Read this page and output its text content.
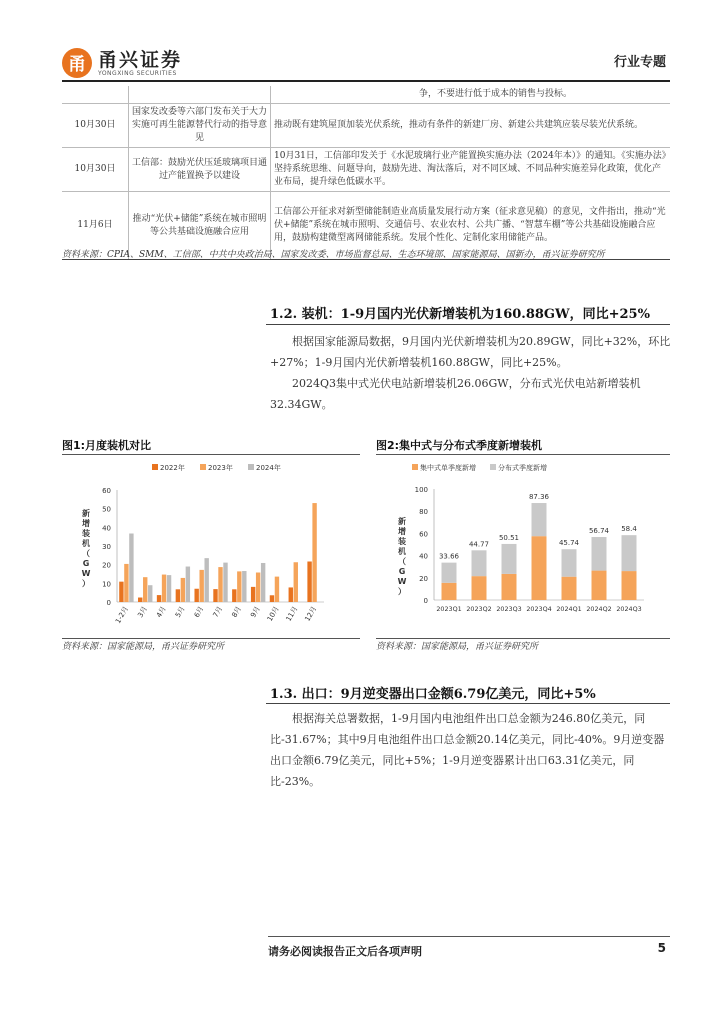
甬 甬兴证券
YONGXING SECURITIES
行业专题
		争，不要进行低于成本的销售与投标。
10月30日	国家发改委等六部门发布关于大力实施可再生能源替代行动的指导意见	推动既有建筑屋顶加装光伏系统，推动有条件的新建厂房、新建公共建筑应装尽装光伏系统。
10月30日	工信部：鼓励光伏压延玻璃项目通过产能置换予以建设	10月31日，工信部印发关于《水泥玻璃行业产能置换实施办法（2024年本）》的通知。《实施办法》坚持系统思维、问题导向，鼓励先进、淘汰落后，对不同区域、不同品种实施差异化政策，优化产业布局，提升绿色低碳水平。
11月6日	推动“光伏+储能”系统在城市照明等公共基础设施融合应用	工信部公开征求对新型储能制造业高质量发展行动方案（征求意见稿）的意见，文件指出，推动“光伏+储能”系统在城市照明、交通信号、农业农村、公共广播、“智慧车棚”等公共基础设施融合应用，鼓励构建微型离网储能系统。发展个性化、定制化家用储能产品。
资料来源：CPIA、SMM、工信部、中共中央政治局、国家发改委、市场监督总局、生态环境部、国家能源局、国新办，甬兴证券研究所
1.2. 装机：1-9月国内光伏新增装机为160.88GW，同比+25%

根据国家能源局数据，9月国内光伏新增装机为20.89GW，同比+32%，环比+27%；1-9月国内光伏新增装机160.88GW，同比+25%。

2024Q3集中式光伏电站新增装机26.06GW，分布式光伏电站新增装机32.34GW。

图1:月度装机对比
2022年	2023年	2024年
0
10
20
30
40
50
60
新
增
装
机
（
G
W
）
1-2月 3月 4月 5月 6月 7月 8月 9月 10月 11月 12月
资料来源：国家能源局，甬兴证券研究所
图2:集中式与分布式季度新增装机
集中式单季度新增	分布式季度新增
0
20
40
60
80
100
新
增
装
机
（
G
W
）
33.66
2023Q1
44.77
2023Q2
50.51
2023Q3
87.36
2023Q4
45.74
2024Q1
56.74
2024Q2
58.4
2024Q3
资料来源：国家能源局，甬兴证券研究所
1.3. 出口：9月逆变器出口金额6.79亿美元，同比+5%

根据海关总署数据，1-9月国内电池组件出口总金额为246.80亿美元，同比-31.67%；其中9月电池组件出口总金额20.14亿美元，同比-40%。9月逆变器出口金额6.79亿美元，同比+5%；1-9月逆变器累计出口63.31亿美元，同比-23%。

请务必阅读报告正文后各项声明	5
